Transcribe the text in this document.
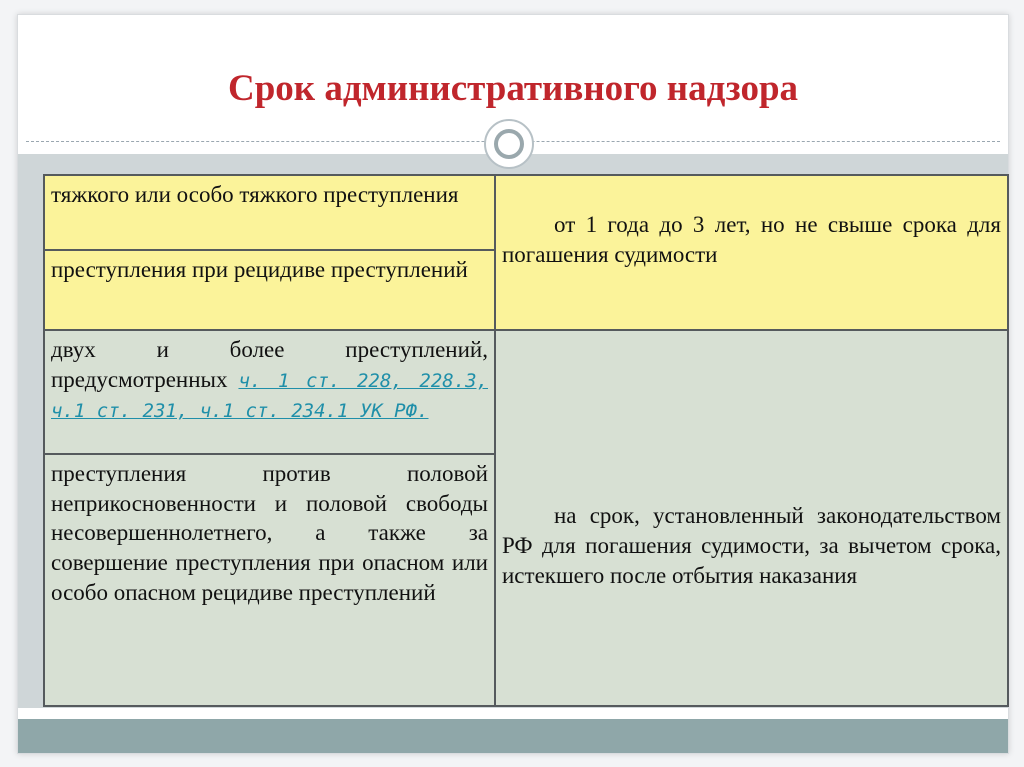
Срок административного надзора
тяжкого или особо тяжкого преступления	от 1 года до 3 лет, но не свыше срока для погашения судимости
преступления при рецидиве преступлений	
двух и более преступлений, предусмотренных ч. 1 ст. 228, 228.3, ч.1 ст. 231, ч.1 ст. 234.1 УК РФ.	на срок, установленный законодательством РФ для погашения судимости, за вычетом срока, истекшего после отбытия наказания
преступления против половой неприкосновенности и половой свободы несовершеннолетнего, а также за совершение преступления при опасном или особо опасном рецидиве преступлений	
